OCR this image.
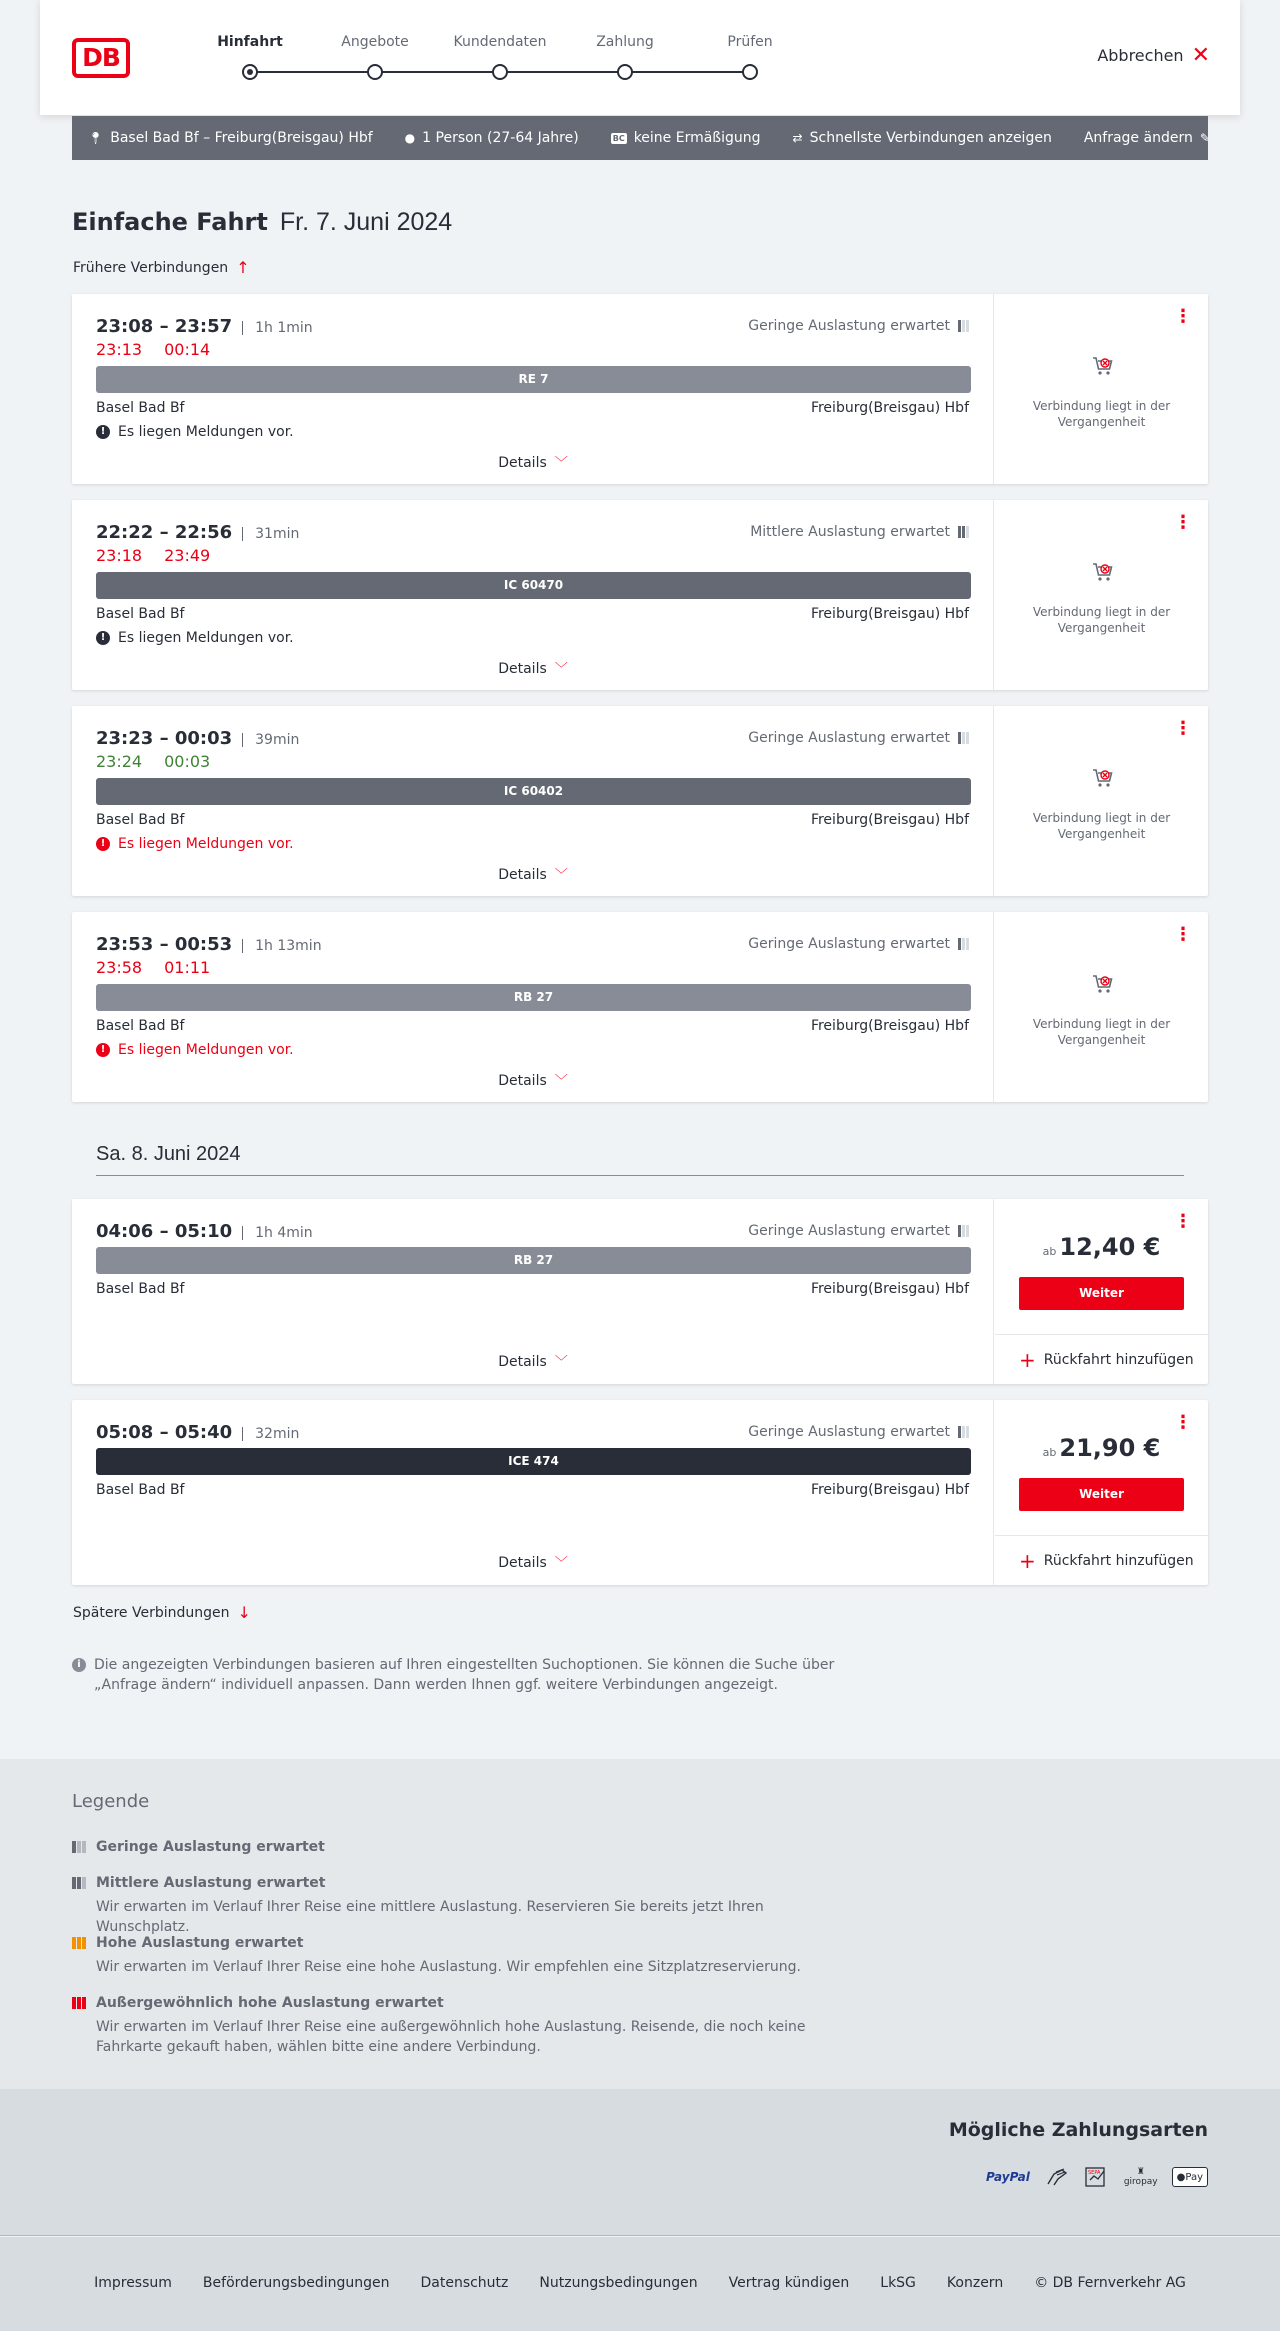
DB
Hinfahrt	Angebote	Kundendaten	Zahlung	Prüfen
Abbrechen ✕
📍︎ Basel Bad Bf – Freiburg(Breisgau) Hbf	● 1 Person (27-64 Jahre)	BC keine Ermäßigung	⇄ Schnellste Verbindungen anzeigen Anfrage ändern ✎
Einfache Fahrt Fr. 7. Juni 2024
Frühere Verbindungen ↑
23:08 – 23:57	1h 1min	Geringe Auslastung erwartet
23:13 00:14
RE 7
Basel Bad Bf	Freiburg(Breisgau) Hbf
! Es liegen Meldungen vor.
Details ﹀
⋮
Verbindung liegt in der Vergangenheit
22:22 – 22:56	31min	Mittlere Auslastung erwartet
23:18 23:49
IC 60470
Basel Bad Bf	Freiburg(Breisgau) Hbf
! Es liegen Meldungen vor.
Details ﹀
⋮
Verbindung liegt in der Vergangenheit
23:23 – 00:03	39min	Geringe Auslastung erwartet
23:24 00:03
IC 60402
Basel Bad Bf	Freiburg(Breisgau) Hbf
! Es liegen Meldungen vor.
Details ﹀
⋮
Verbindung liegt in der Vergangenheit
23:53 – 00:53	1h 13min	Geringe Auslastung erwartet
23:58 01:11
RB 27
Basel Bad Bf	Freiburg(Breisgau) Hbf
! Es liegen Meldungen vor.
Details ﹀
⋮
Verbindung liegt in der Vergangenheit
Sa. 8. Juni 2024
04:06 – 05:10	1h 4min	Geringe Auslastung erwartet
RB 27
Basel Bad Bf	Freiburg(Breisgau) Hbf
Details ﹀
⋮
ab 12,40 €
Weiter
+ Rückfahrt hinzufügen
05:08 – 05:40	32min	Geringe Auslastung erwartet
ICE 474
Basel Bad Bf	Freiburg(Breisgau) Hbf
Details ﹀
⋮
ab 21,90 €
Weiter
+ Rückfahrt hinzufügen
Spätere Verbindungen ↓
i Die angezeigten Verbindungen basieren auf Ihren eingestellten Suchoptionen. Sie können die Suche über „Anfrage ändern“ individuell anpassen. Dann werden Ihnen ggf. weitere Verbindungen angezeigt.
Legende
Geringe Auslastung erwartet
Mittlere Auslastung erwartet
Wir erwarten im Verlauf Ihrer Reise eine mittlere Auslastung. Reservieren Sie bereits jetzt Ihren Wunschplatz.
Hohe Auslastung erwartet
Wir erwarten im Verlauf Ihrer Reise eine hohe Auslastung. Wir empfehlen eine Sitzplatzreservierung.
Außergewöhnlich hohe Auslastung erwartet
Wir erwarten im Verlauf Ihrer Reise eine außergewöhnlich hohe Auslastung. Reisende, die noch keine Fahrkarte gekauft haben, wählen bitte eine andere Verbindung.
Mögliche Zahlungsarten
PayPal	SEPA	♜
giropay ● Pay
Impressum Beförderungsbedingungen Datenschutz Nutzungsbedingungen Vertrag kündigen LkSG Konzern © DB Fernverkehr AG
